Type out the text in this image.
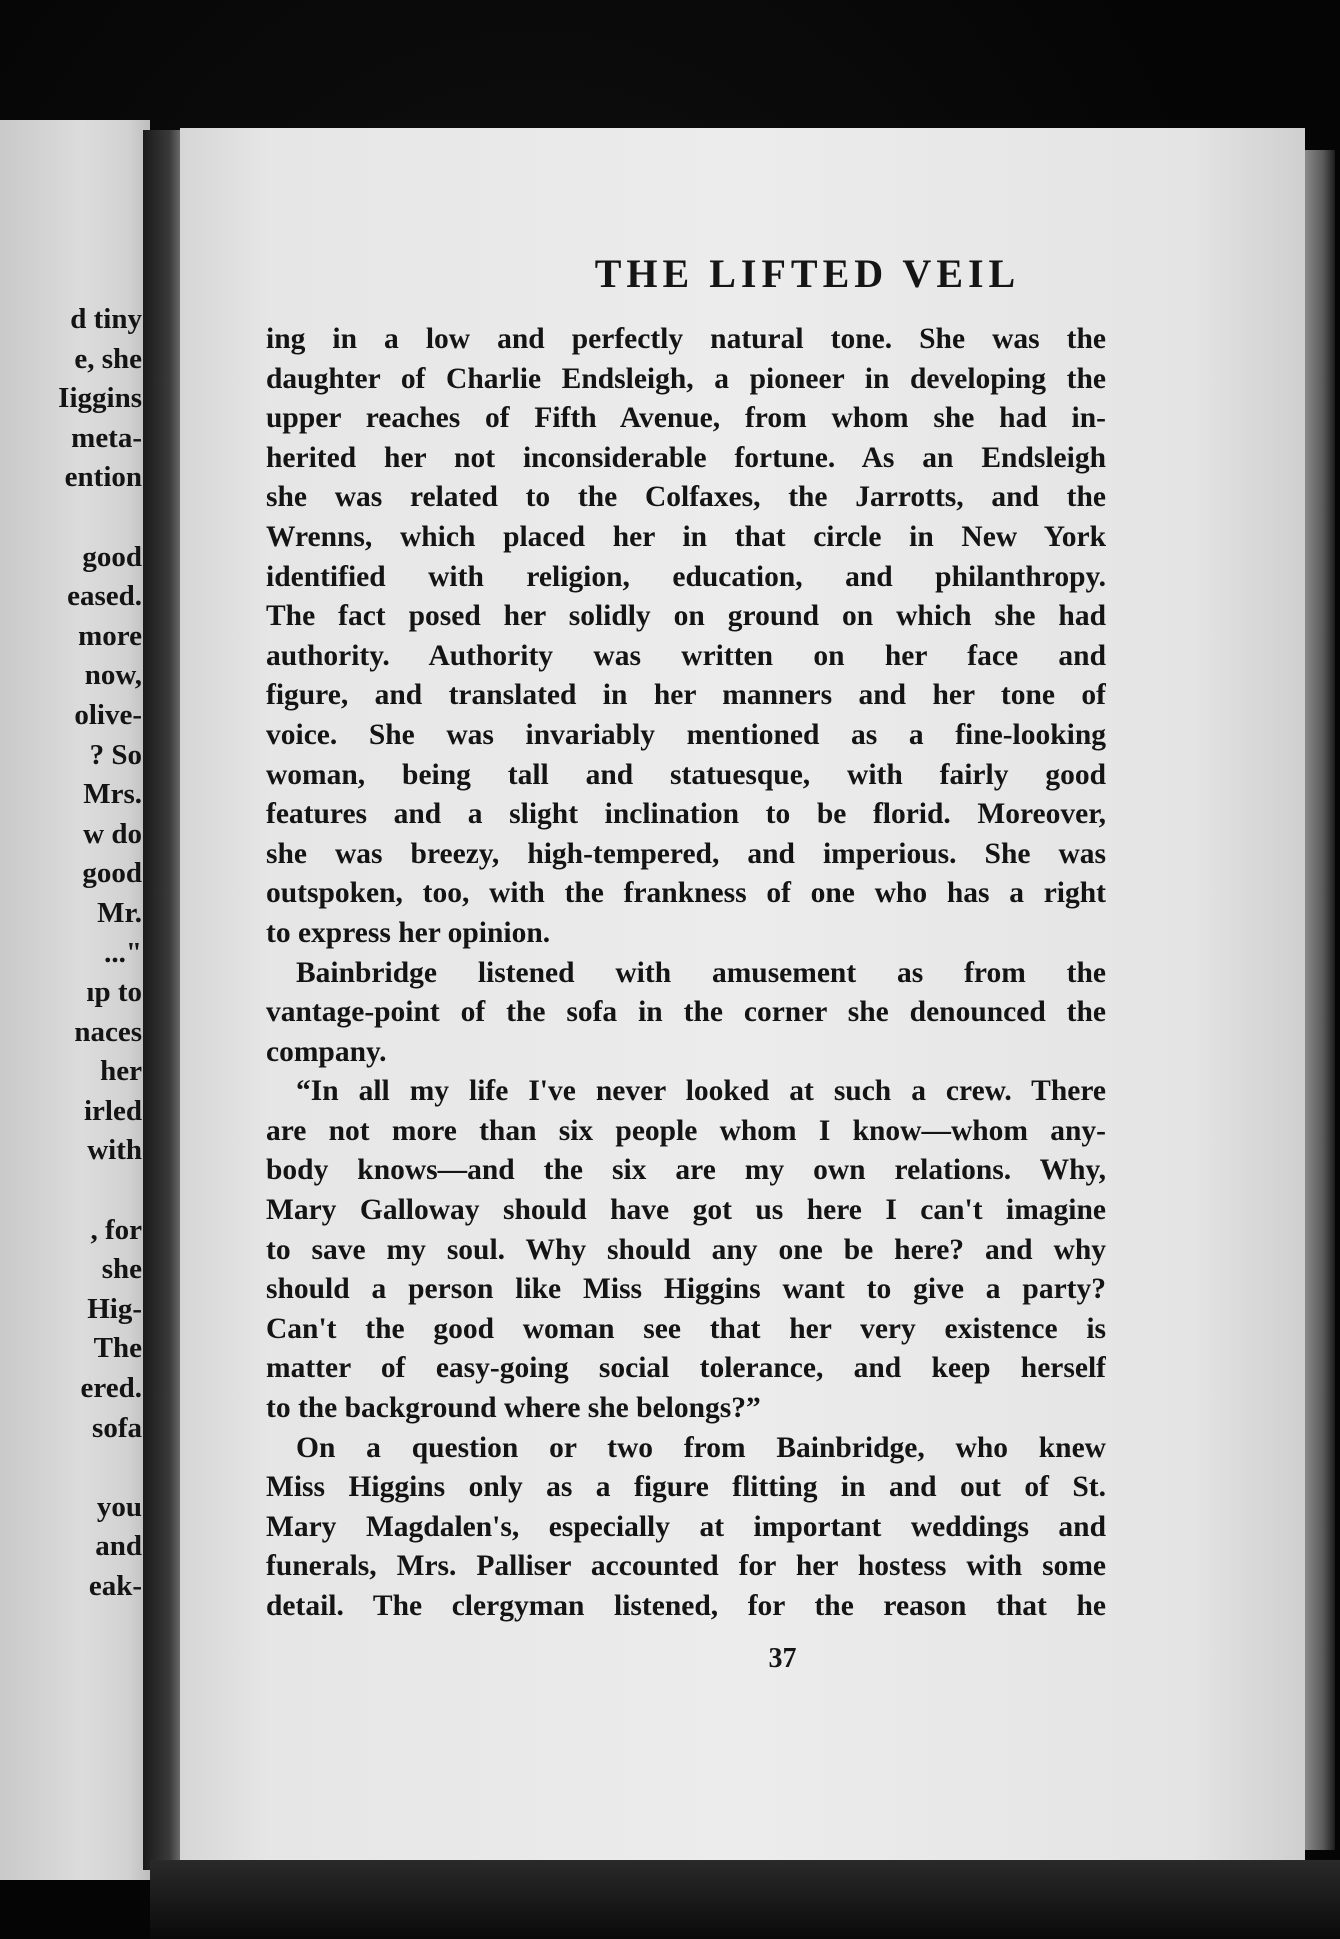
d tiny
e, she
Iiggins
meta-
ention
good
eased.
more
now,
olive-
? So
Mrs.
w do
good
Mr.
..."
ıp to
naces
her
irled
with
, for
she
Hig-
The
ered.
sofa
you
and
eak-
THE LIFTED VEIL
ing in a low and perfectly natural tone. She was the
daughter of Charlie Endsleigh, a pioneer in developing the
upper reaches of Fifth Avenue, from whom she had in-
herited her not inconsiderable fortune. As an Endsleigh
she was related to the Colfaxes, the Jarrotts, and the
Wrenns, which placed her in that circle in New York
identified with religion, education, and philanthropy.
The fact posed her solidly on ground on which she had
authority. Authority was written on her face and
figure, and translated in her manners and her tone of
voice. She was invariably mentioned as a fine-looking
woman, being tall and statuesque, with fairly good
features and a slight inclination to be florid. Moreover,
she was breezy, high-tempered, and imperious. She was
outspoken, too, with the frankness of one who has a right
to express her opinion.
Bainbridge listened with amusement as from the
vantage-point of the sofa in the corner she denounced the
company.
“In all my life I've never looked at such a crew. There
are not more than six people whom I know—whom any-
body knows—and the six are my own relations. Why,
Mary Galloway should have got us here I can't imagine
to save my soul. Why should any one be here? and why
should a person like Miss Higgins want to give a party?
Can't the good woman see that her very existence is
matter of easy-going social tolerance, and keep herself
to the background where she belongs?”
On a question or two from Bainbridge, who knew
Miss Higgins only as a figure flitting in and out of St.
Mary Magdalen's, especially at important weddings and
funerals, Mrs. Palliser accounted for her hostess with some
detail. The clergyman listened, for the reason that he
37
